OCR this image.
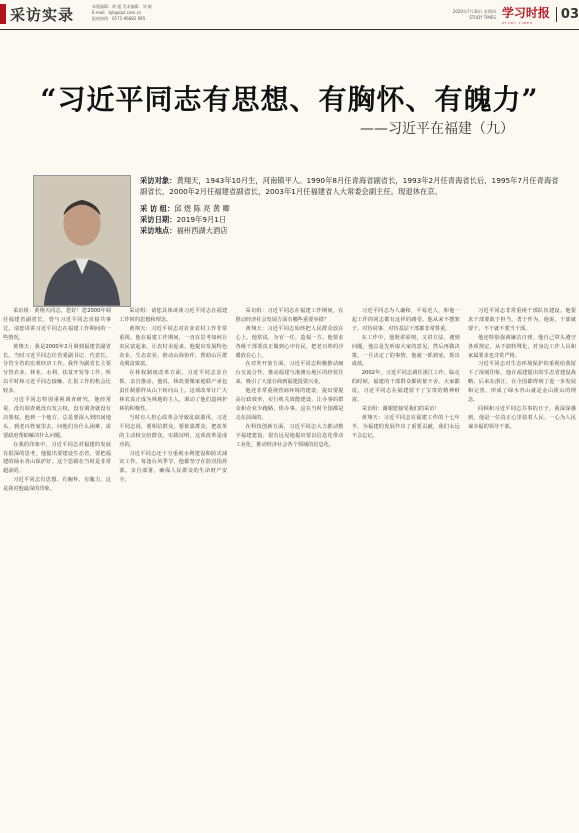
采访实录	本版编辑：黄 超 美术编辑：刘 敏
E-mail：bjb@zjol.com.cn
报料热线：0571-96682 985
2020年7月30日 星期四
STUDY TIMES 学习时报
STUDY TIMES
03
“习近平同志有思想、有胸怀、有魄力”
——习近平在福建（九）
采访对象：黄翔天，1943年10月生，河南镇平人。1990年8月任青海省副省长，1993年2月任青海省长后，1995年7月任青海省副省长，2000年2月任福建省副省长，2003年1月任福建省人大常委会副主任。现退休在京。
采 访 组：邱 煜 陈 亮 黄 卿
采访日期：2019年9月1日
采访地点：福州西湖大酒店

采访组：黄翔天同志，您好！您2000年调任福建省副省长，曾与习近平同志直接共事过。请您讲讲习近平同志在福建工作期间的一些情况。

黄翔天：我是2000年2月调到福建省副省长。当时习近平同志任省委副书记、代省长，分管全省的宏观经济工作。我作为副省长主要分管农业、林业、水利、扶贫开发等工作，所以平时和习近平同志接触、汇报工作的机会比较多。

习近平同志特别重视调查研究。他经常说，没有调查就没有发言权，没有调查就没有决策权。他到一个地方，总是要深入到田间地头，到老百姓家里去，问他们有什么困难，需要政府帮助解决什么问题。

在我的印象中，习近平同志对福建的发展有很深的思考。他提出要建设生态省，要把福建的绿水青山保护好。这个思路在当时是非常超前的。

习近平同志有思想、有胸怀、有魄力。这是我对他最深的印象。

采访组：请您具体谈谈习近平同志在福建工作时的思想和理念。

黄翔天：习近平同志对农业农村工作非常重视。他在福建工作期间，一直在思考如何让农民富起来，让农村美起来。他提出发展特色农业、生态农业，推动山海协作，帮助山区群众脱贫致富。

在林权制度改革方面，习近平同志亲自抓、亲自推动。他说，林改要像家庭联产承包责任制那样从山下转向山上。这项改革让广大林农真正成为林地的主人，调动了他们造林护林的积极性。

当时有人担心改革会导致乱砍滥伐，习近平同志说，要相信群众，要依靠群众，把改革的主动权交给群众。实践证明，这项改革是成功的。

习近平同志还十分重视水利建设和防灾减灾工作。每逢台风季节，他都坚守在防汛指挥部，亲自部署，确保人民群众的生命财产安全。

采访组：习近平同志在福建工作期间，在推动经济社会发展方面有哪些重要举措？

黄翔天：习近平同志始终把人民群众放在心上。他常说，为官一任，造福一方。他要求各级干部要真正做到心中有民，把老百姓的冷暖放在心上。

在对外开放方面，习近平同志积极推动闽台交流合作，推动福建与港澳台地区的经贸往来，吸引了大量台商到福建投资兴业。

他还非常重视营商环境的建设，提出要提高行政效率，实行机关效能建设，让办事的群众和企业少跑路、快办事。这在当时全国都是走在前面的。

在科技创新方面，习近平同志大力推动数字福建建设，很有远见地提出要以信息化带动工业化，推动经济社会各个领域的信息化。

习近平同志为人谦和，平易近人，和他一起工作的同志都有这样的感受。他从来不摆架子，对待同事、对待基层干部都非常尊重。

在工作中，他既讲原则，又讲方法。遇到问题，他总是先听取大家的意见，然后再做决策。一旦决定了的事情，他就一抓到底，抓出成效。

2002年，习近平同志调任浙江工作。临走的时候，福建的干部群众都依依不舍。大家都说，习近平同志在福建留下了宝贵的精神财富。

采访组：谢谢您接受我们的采访！

黄翔天：习近平同志在福建工作的十七年半，为福建的发展作出了重要贡献，我们永远不会忘记。

习近平同志非常重视干部队伍建设。他要求干部要敢于担当，勇于作为。他说，干部就要干，不干就不要当干部。

他还特别强调廉洁自律。他自己带头遵守各项规定，从不搞特殊化，对身边工作人员和家属要求也非常严格。

习近平同志对生态环境保护的重视给我留下了深刻印象。他在福建提出的生态省建设战略，后来在浙江、在全国都得到了进一步发展和完善，形成了绿水青山就是金山银山的理念。

回顾和习近平同志共事的日子，我深深感到，他是一位真正心里装着人民、一心为人民谋幸福的领导干部。
